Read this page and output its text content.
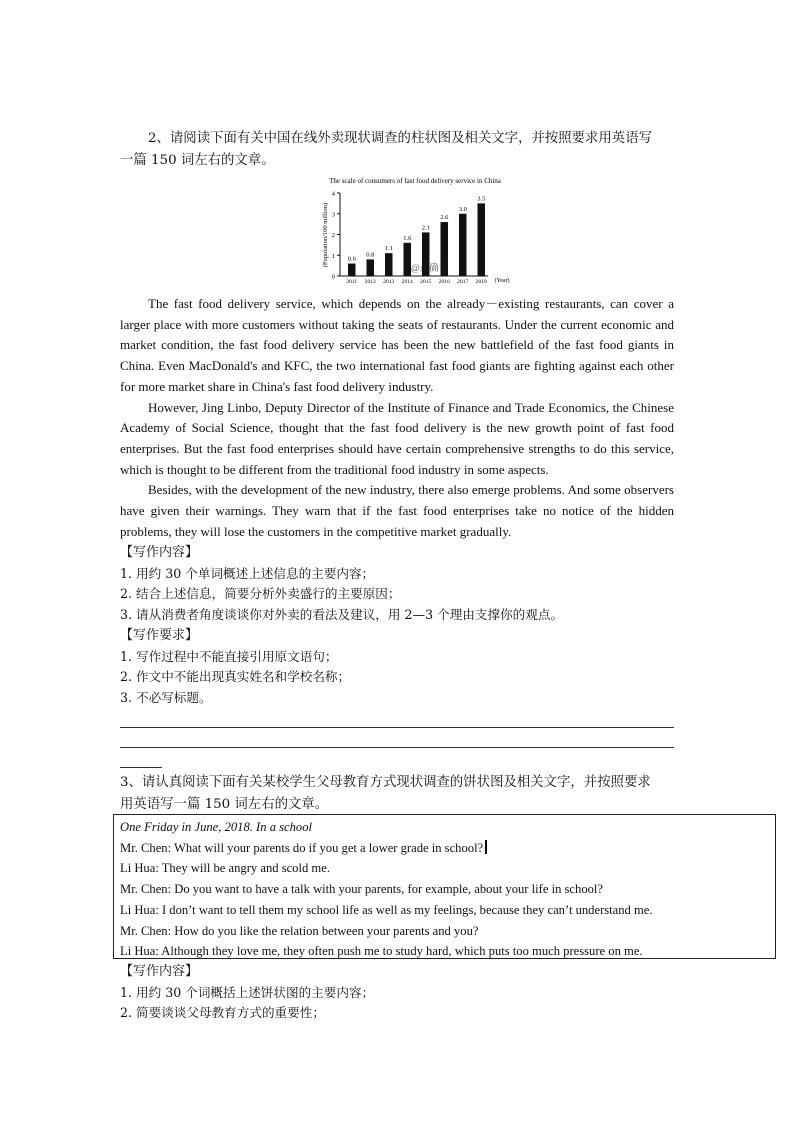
2、请阅读下面有关中国在线外卖现状调查的柱状图及相关文字，并按照要求用英语写
一篇 150 词左右的文章。
The scale of consumers of fast food delivery service in China
(Population/100 million)
0
1
2
3
4
0.6
2011
0.8
2012
1.1
2013
1.6
2014
2.1
2015
2.6
2016
3.0
2017
3.5
2018 (Year)
@正确云

The fast food delivery service, which depends on the already－existing restaurants, can cover a larger place with more customers without taking the seats of restaurants. Under the current economic and market condition, the fast food delivery service has been the new battlefield of the fast food giants in China. Even MacDonald's and KFC, the two international fast food giants are fighting against each other for more market share in China's fast food delivery industry.

However, Jing Linbo, Deputy Director of the Institute of Finance and Trade Economics, the Chinese Academy of Social Science, thought that the fast food delivery is the new growth point of fast food enterprises. But the fast food enterprises should have certain comprehensive strengths to do this service, which is thought to be different from the traditional food industry in some aspects.

Besides, with the development of the new industry, there also emerge problems. And some observers have given their warnings. They warn that if the fast food enterprises take no notice of the hidden problems, they will lose the customers in the competitive market gradually.

【写作内容】
1. 用约 30 个单词概述上述信息的主要内容；
2. 结合上述信息，简要分析外卖盛行的主要原因；
3. 请从消费者角度谈谈你对外卖的看法及建议，用 2—3 个理由支撑你的观点。
【写作要求】
1. 写作过程中不能直接引用原文语句；
2. 作文中不能出现真实姓名和学校名称；
3. 不必写标题。
3、请认真阅读下面有关某校学生父母教育方式现状调查的饼状图及相关文字，并按照要求
用英语写一篇 150 词左右的文章。
One Friday in June, 2018. In a school
Mr. Chen: What will your parents do if you get a lower grade in school?
Li Hua: They will be angry and scold me.
Mr. Chen: Do you want to have a talk with your parents, for example, about your life in school?
Li Hua: I don’t want to tell them my school life as well as my feelings, because they can’t understand me.
Mr. Chen: How do you like the relation between your parents and you?
Li Hua: Although they love me, they often push me to study hard, which puts too much pressure on me.
【写作内容】
1. 用约 30 个词概括上述饼状图的主要内容；
2. 简要谈谈父母教育方式的重要性；
